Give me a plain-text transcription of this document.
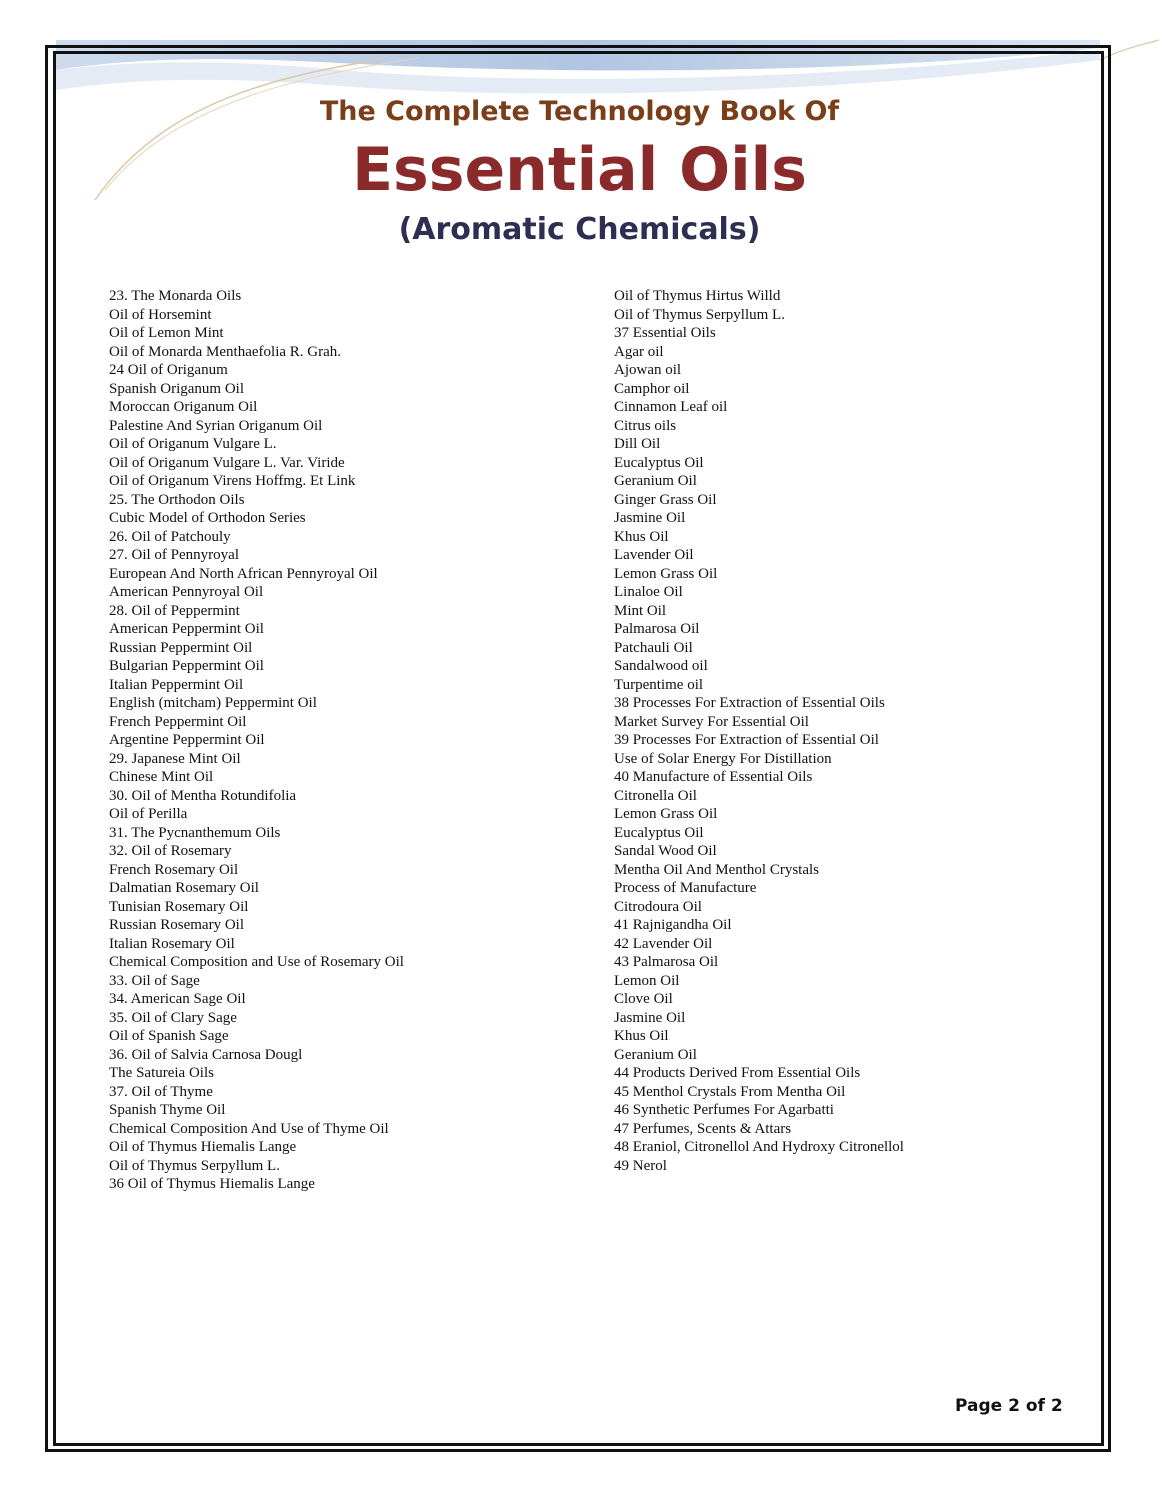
The Complete Technology Book Of
Essential Oils
(Aromatic Chemicals)
23. The Monarda Oils
Oil of Horsemint
Oil of Lemon Mint
Oil of Monarda Menthaefolia R. Grah.
24 Oil of Origanum
Spanish Origanum Oil
Moroccan Origanum Oil
Palestine And Syrian Origanum Oil
Oil of Origanum Vulgare L.
Oil of Origanum Vulgare L. Var. Viride
Oil of Origanum Virens Hoffmg. Et Link
25. The Orthodon Oils
Cubic Model of Orthodon Series
26. Oil of Patchouly
27. Oil of Pennyroyal
European And North African Pennyroyal Oil
American Pennyroyal Oil
28. Oil of Peppermint
American Peppermint Oil
Russian Peppermint Oil
Bulgarian Peppermint Oil
Italian Peppermint Oil
English (mitcham) Peppermint Oil
French Peppermint Oil
Argentine Peppermint Oil
29. Japanese Mint Oil
Chinese Mint Oil
30. Oil of Mentha Rotundifolia
Oil of Perilla
31. The Pycnanthemum Oils
32. Oil of Rosemary
French Rosemary Oil
Dalmatian Rosemary Oil
Tunisian Rosemary Oil
Russian Rosemary Oil
Italian Rosemary Oil
Chemical Composition and Use of Rosemary Oil
33. Oil of Sage
34. American Sage Oil
35. Oil of Clary Sage
Oil of Spanish Sage
36. Oil of Salvia Carnosa Dougl
The Satureia Oils
37. Oil of Thyme
Spanish Thyme Oil
Chemical Composition And Use of Thyme Oil
Oil of Thymus Hiemalis Lange
Oil of Thymus Serpyllum L.
36 Oil of Thymus Hiemalis Lange
Oil of Thymus Hirtus Willd
Oil of Thymus Serpyllum L.
37 Essential Oils
Agar oil
Ajowan oil
Camphor oil
Cinnamon Leaf oil
Citrus oils
Dill Oil
Eucalyptus Oil
Geranium Oil
Ginger Grass Oil
Jasmine Oil
Khus Oil
Lavender Oil
Lemon Grass Oil
Linaloe Oil
Mint Oil
Palmarosa Oil
Patchauli Oil
Sandalwood oil
Turpentime oil
38 Processes For Extraction of Essential Oils
Market Survey For Essential Oil
39 Processes For Extraction of Essential Oil
Use of Solar Energy For Distillation
40 Manufacture of Essential Oils
Citronella Oil
Lemon Grass Oil
Eucalyptus Oil
Sandal Wood Oil
Mentha Oil And Menthol Crystals
Process of Manufacture
Citrodoura Oil
41 Rajnigandha Oil
42 Lavender Oil
43 Palmarosa Oil
Lemon Oil
Clove Oil
Jasmine Oil
Khus Oil
Geranium Oil
44 Products Derived From Essential Oils
45 Menthol Crystals From Mentha Oil
46 Synthetic Perfumes For Agarbatti
47 Perfumes, Scents & Attars
48 Eraniol, Citronellol And Hydroxy Citronellol
49 Nerol
Page 2 of 2
